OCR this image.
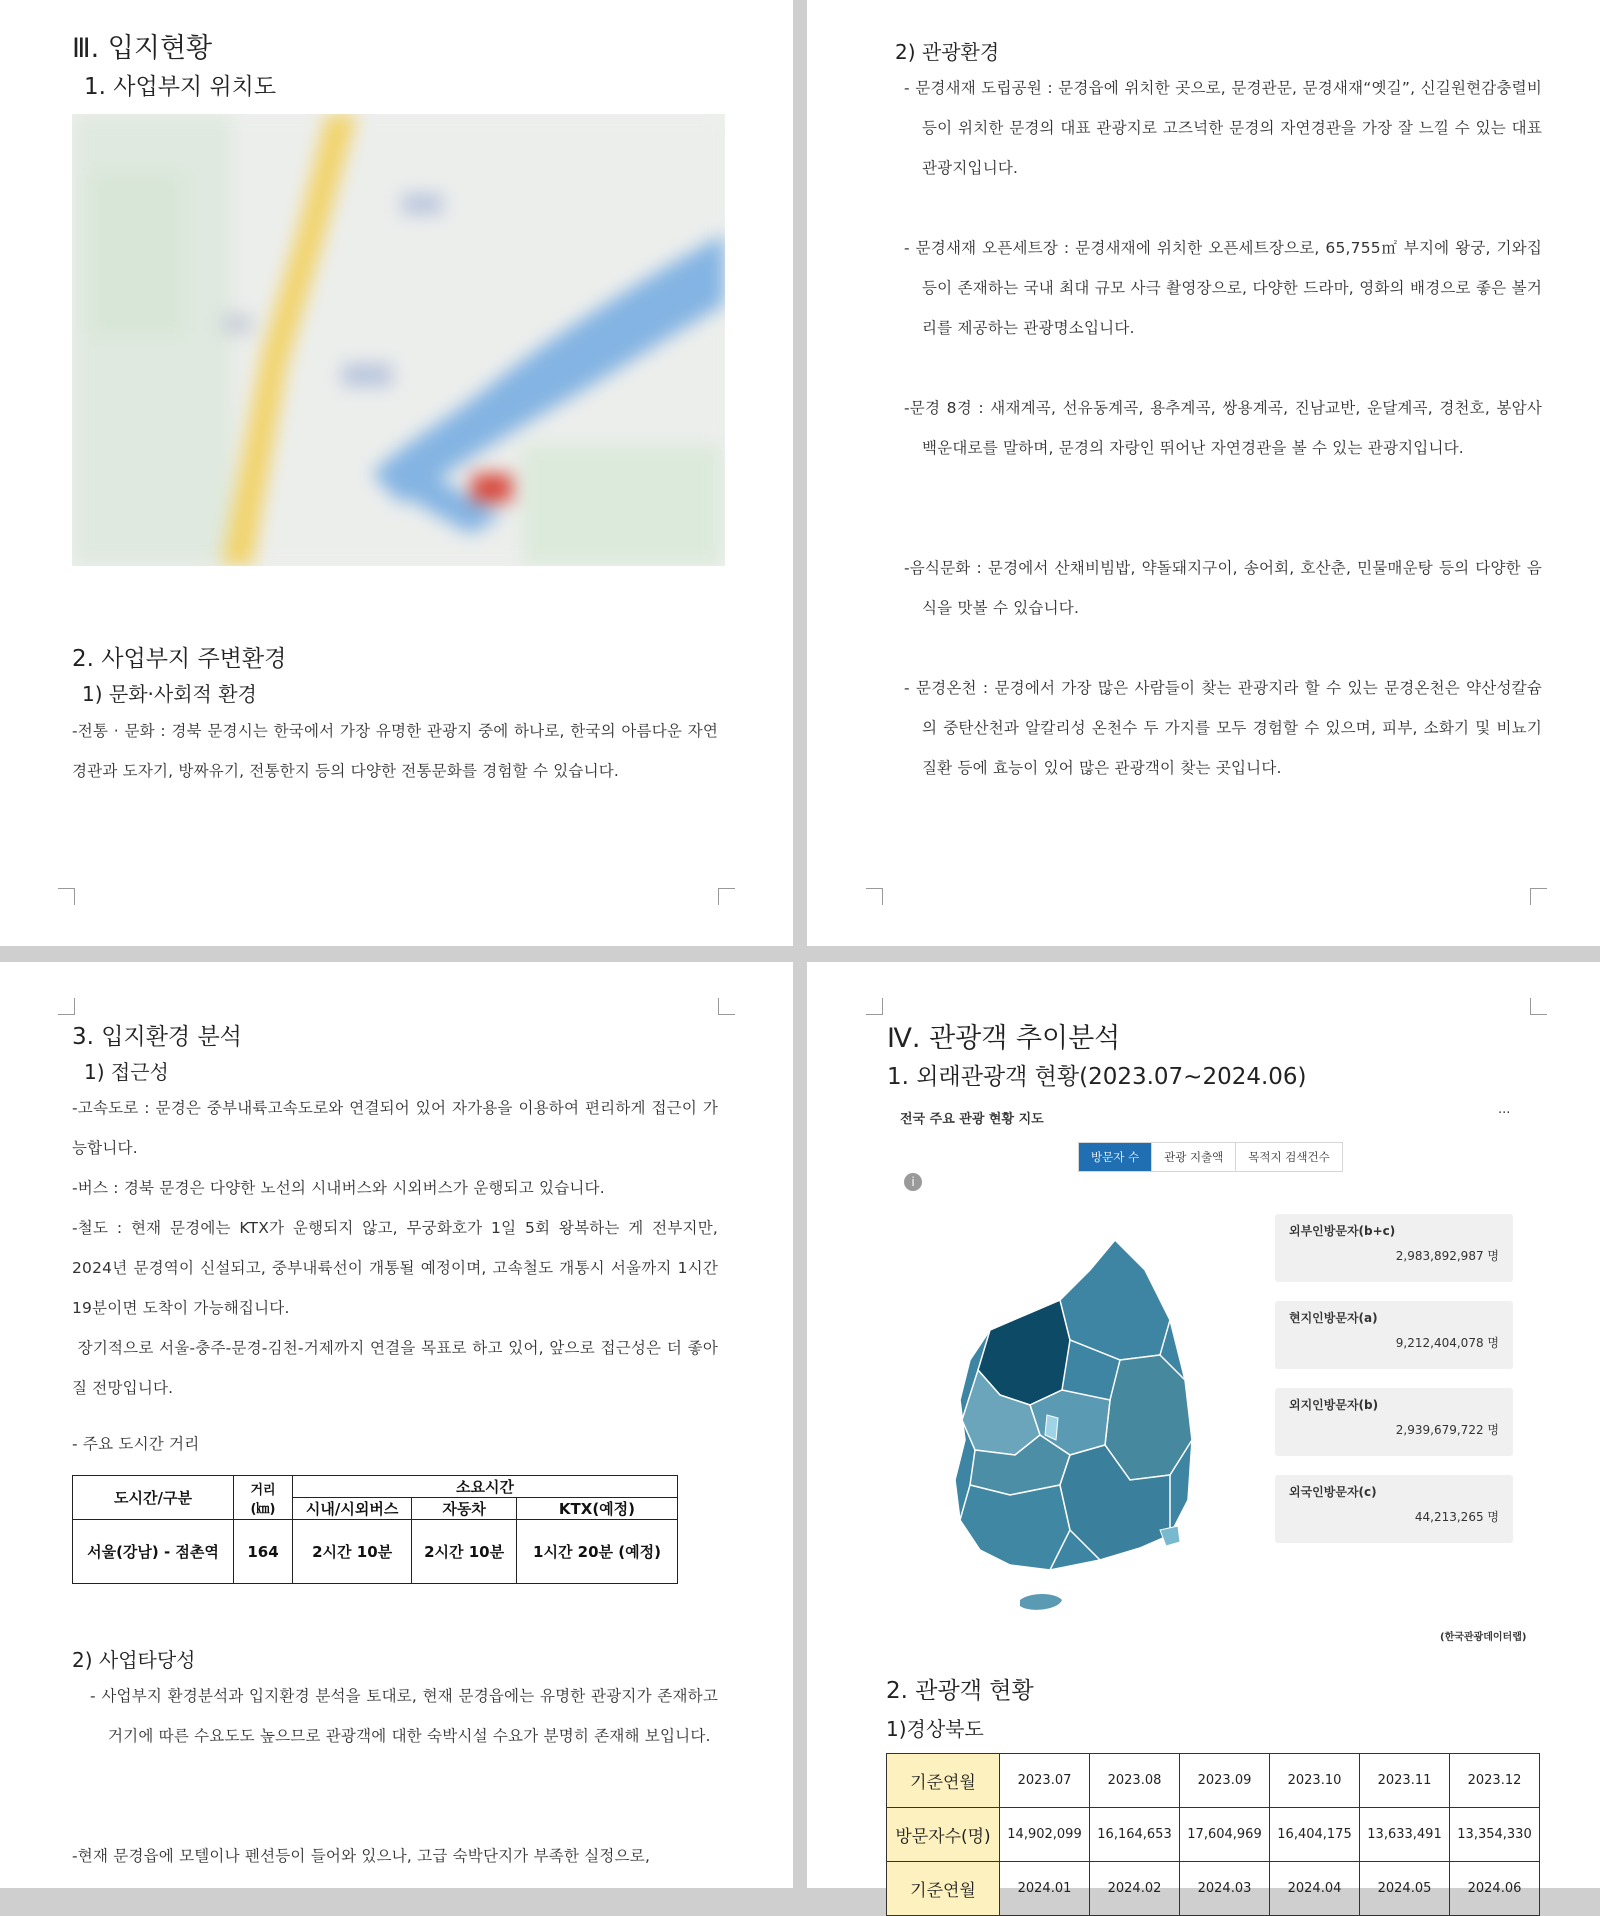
Ⅲ. 입지현황
1. 사업부지 위치도
2. 사업부지 주변환경
1) 문화·사회적 환경
-전통 · 문화 : 경북 문경시는 한국에서 가장 유명한 관광지 중에 하나로, 한국의 아름다운 자연경관과 도자기, 방짜유기, 전통한지 등의 다양한 전통문화를 경험할 수 있습니다.
2) 관광환경
- 문경새재 도립공원 : 문경읍에 위치한 곳으로, 문경관문, 문경새재“옛길”, 신길원현감충렬비 등이 위치한 문경의 대표 관광지로 고즈넉한 문경의 자연경관을 가장 잘 느낄 수 있는 대표관광지입니다.
- 문경새재 오픈세트장 : 문경새재에 위치한 오픈세트장으로, 65,755㎡ 부지에 왕궁, 기와집 등이 존재하는 국내 최대 규모 사극 촬영장으로, 다양한 드라마, 영화의 배경으로 좋은 볼거리를 제공하는 관광명소입니다.
-문경 8경 : 새재계곡, 선유동계곡, 용추계곡, 쌍용계곡, 진남교반, 운달계곡, 경천호, 봉암사 백운대로를 말하며, 문경의 자랑인 뛰어난 자연경관을 볼 수 있는 관광지입니다.
-음식문화 : 문경에서 산채비빔밥, 약돌돼지구이, 송어회, 호산춘, 민물매운탕 등의 다양한 음식을 맛볼 수 있습니다.
- 문경온천 : 문경에서 가장 많은 사람들이 찾는 관광지라 할 수 있는 문경온천은 약산성칼슘의 중탄산천과 알칼리성 온천수 두 가지를 모두 경험할 수 있으며, 피부, 소화기 및 비뇨기 질환 등에 효능이 있어 많은 관광객이 찾는 곳입니다.
3. 입지환경 분석
1) 접근성
-고속도로 : 문경은 중부내륙고속도로와 연결되어 있어 자가용을 이용하여 편리하게 접근이 가능합니다.
-버스 : 경북 문경은 다양한 노선의 시내버스와 시외버스가 운행되고 있습니다.
-철도 : 현재 문경에는 KTX가 운행되지 않고, 무궁화호가 1일 5회 왕복하는 게 전부지만, 2024년 문경역이 신설되고, 중부내륙선이 개통될 예정이며, 고속철도 개통시 서울까지 1시간 19분이면 도착이 가능해집니다.
장기적으로 서울-충주-문경-김천-거제까지 연결을 목표로 하고 있어, 앞으로 접근성은 더 좋아질 전망입니다.
- 주요 도시간 거리
도시간/구분	거리 (㎞)	소요시간		
		시내/시외버스	자동차	KTX(예정)
서울(강남) - 점촌역	164	2시간 10분	2시간 10분	1시간 20분 (예정)
2) 사업타당성
- 사업부지 환경분석과 입지환경 분석을 토대로, 현재 문경읍에는 유명한 관광지가 존재하고 거기에 따른 수요도도 높으므로 관광객에 대한 숙박시설 수요가 분명히 존재해 보입니다.
-현재 문경읍에 모텔이나 펜션등이 들어와 있으나, 고급 숙박단지가 부족한 실정으로,
Ⅳ. 관광객 추이분석
1. 외래관광객 현황(2023.07~2024.06)
전국 주요 관광 현황 지도	···
방문자 수	관광 지출액	목적지 검색건수
i
외부인방문자(b+c)
2,983,892,987 명
현지인방문자(a)
9,212,404,078 명
외지인방문자(b)
2,939,679,722 명
외국인방문자(c)
44,213,265 명
(한국관광데이터랩)
2. 관광객 현황
1)경상북도
기준연월	2023.07	2023.08	2023.09	2023.10	2023.11	2023.12
방문자수(명)	14,902,099	16,164,653	17,604,969	16,404,175	13,633,491	13,354,330
기준연월	2024.01	2024.02	2024.03	2024.04	2024.05	2024.06
